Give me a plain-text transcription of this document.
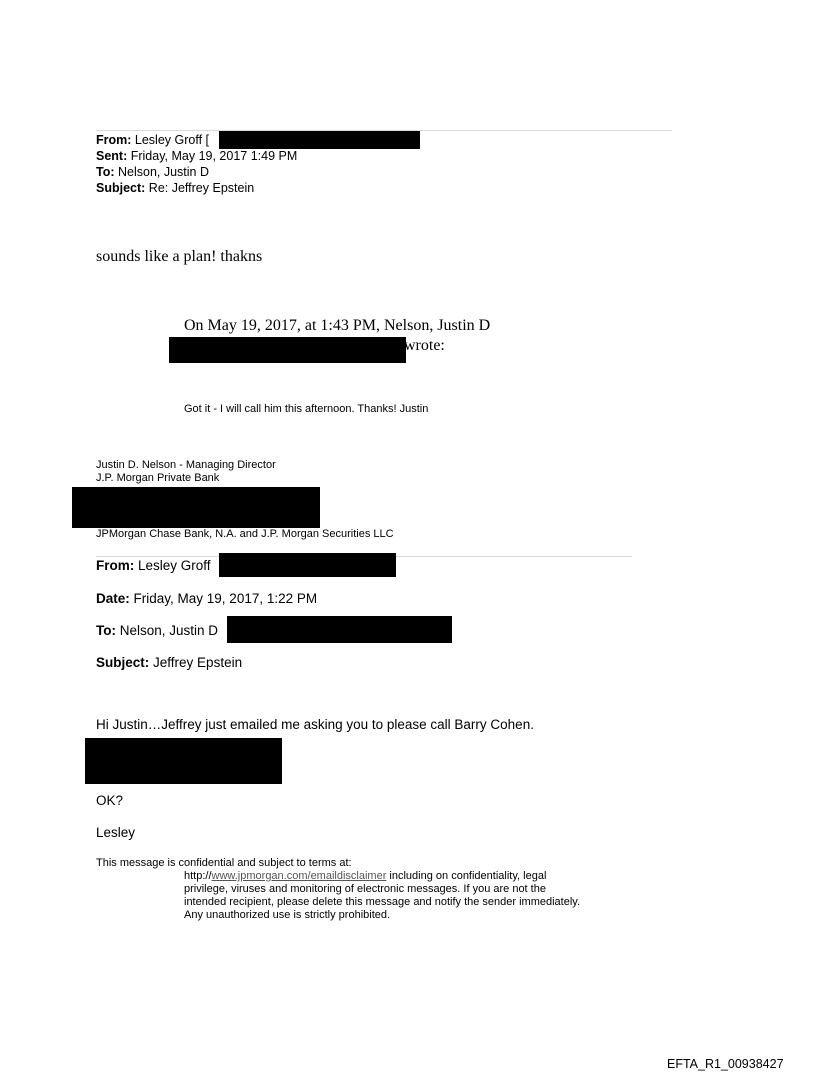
From: Lesley Groff [
Sent: Friday, May 19, 2017 1:49 PM
To: Nelson, Justin D
Subject: Re: Jeffrey Epstein
sounds like a plan! thakns
On May 19, 2017, at 1:43 PM, Nelson, Justin D
wrote:
Got it - I will call him this afternoon. Thanks! Justin
Justin D. Nelson - Managing Director
J.P. Morgan Private Bank
JPMorgan Chase Bank, N.A. and J.P. Morgan Securities LLC
From: Lesley Groff
Date: Friday, May 19, 2017, 1:22 PM
To: Nelson, Justin D
Subject: Jeffrey Epstein
Hi Justin…Jeffrey just emailed me asking you to please call Barry Cohen.
OK?
Lesley
This message is confidential and subject to terms at:
http://www.jpmorgan.com/emaildisclaimer including on confidentiality, legal
privilege, viruses and monitoring of electronic messages. If you are not the
intended recipient, please delete this message and notify the sender immediately.
Any unauthorized use is strictly prohibited.
EFTA_R1_00938427
